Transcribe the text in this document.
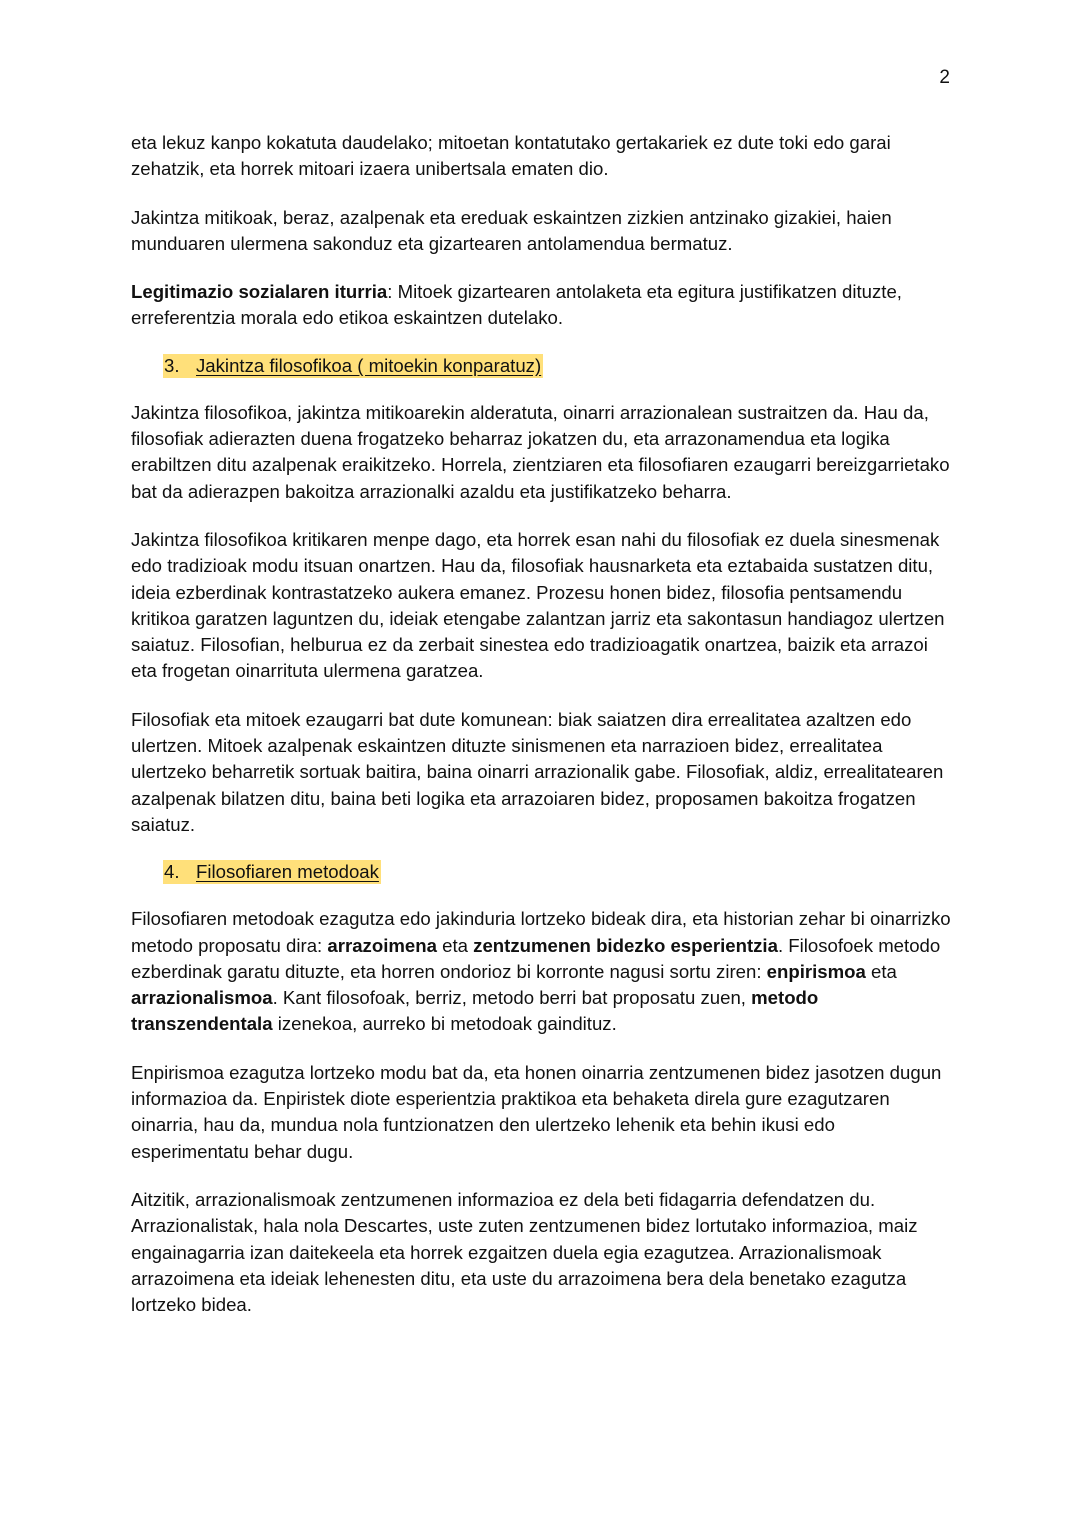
2

eta lekuz kanpo kokatuta daudelako; mitoetan kontatutako gertakariek ez dute toki edo garai zehatzik, eta horrek mitoari izaera unibertsala ematen dio.

Jakintza mitikoak, beraz, azalpenak eta ereduak eskaintzen zizkien antzinako gizakiei, haien munduaren ulermena sakonduz eta gizartearen antolamendua bermatuz.

Legitimazio sozialaren iturria: Mitoek gizartearen antolaketa eta egitura justifikatzen dituzte, erreferentzia morala edo etikoa eskaintzen dutelako.

3. Jakintza filosofikoa ( mitoekin konparatuz)

Jakintza filosofikoa, jakintza mitikoarekin alderatuta, oinarri arrazionalean sustraitzen da. Hau da, filosofiak adierazten duena frogatzeko beharraz jokatzen du, eta arrazonamendua eta logika erabiltzen ditu azalpenak eraikitzeko. Horrela, zientziaren eta filosofiaren ezaugarri bereizgarrietako bat da adierazpen bakoitza arrazionalki azaldu eta justifikatzeko beharra.

Jakintza filosofikoa kritikaren menpe dago, eta horrek esan nahi du filosofiak ez duela sinesmenak edo tradizioak modu itsuan onartzen. Hau da, filosofiak hausnarketa eta eztabaida sustatzen ditu, ideia ezberdinak kontrastatzeko aukera emanez. Prozesu honen bidez, filosofia pentsamendu kritikoa garatzen laguntzen du, ideiak etengabe zalantzan jarriz eta sakontasun handiagoz ulertzen saiatuz. Filosofian, helburua ez da zerbait sinestea edo tradizioagatik onartzea, baizik eta arrazoi eta frogetan oinarrituta ulermena garatzea.

Filosofiak eta mitoek ezaugarri bat dute komunean: biak saiatzen dira errealitatea azaltzen edo ulertzen. Mitoek azalpenak eskaintzen dituzte sinismenen eta narrazioen bidez, errealitatea ulertzeko beharretik sortuak baitira, baina oinarri arrazionalik gabe. Filosofiak, aldiz, errealitatearen azalpenak bilatzen ditu, baina beti logika eta arrazoiaren bidez, proposamen bakoitza frogatzen saiatuz.

4. Filosofiaren metodoak

Filosofiaren metodoak ezagutza edo jakinduria lortzeko bideak dira, eta historian zehar bi oinarrizko metodo proposatu dira: arrazoimena eta zentzumenen bidezko esperientzia. Filosofoek metodo ezberdinak garatu dituzte, eta horren ondorioz bi korronte nagusi sortu ziren: enpirismoa eta arrazionalismoa. Kant filosofoak, berriz, metodo berri bat proposatu zuen, metodo transzendentala izenekoa, aurreko bi metodoak gaindituz.

Enpirismoa ezagutza lortzeko modu bat da, eta honen oinarria zentzumenen bidez jasotzen dugun informazioa da. Enpiristek diote esperientzia praktikoa eta behaketa direla gure ezagutzaren oinarria, hau da, mundua nola funtzionatzen den ulertzeko lehenik eta behin ikusi edo esperimentatu behar dugu.

Aitzitik, arrazionalismoak zentzumenen informazioa ez dela beti fidagarria defendatzen du. Arrazionalistak, hala nola Descartes, uste zuten zentzumenen bidez lortutako informazioa, maiz engainagarria izan daitekeela eta horrek ezgaitzen duela egia ezagutzea. Arrazionalismoak arrazoimena eta ideiak lehenesten ditu, eta uste du arrazoimena bera dela benetako ezagutza lortzeko bidea.
